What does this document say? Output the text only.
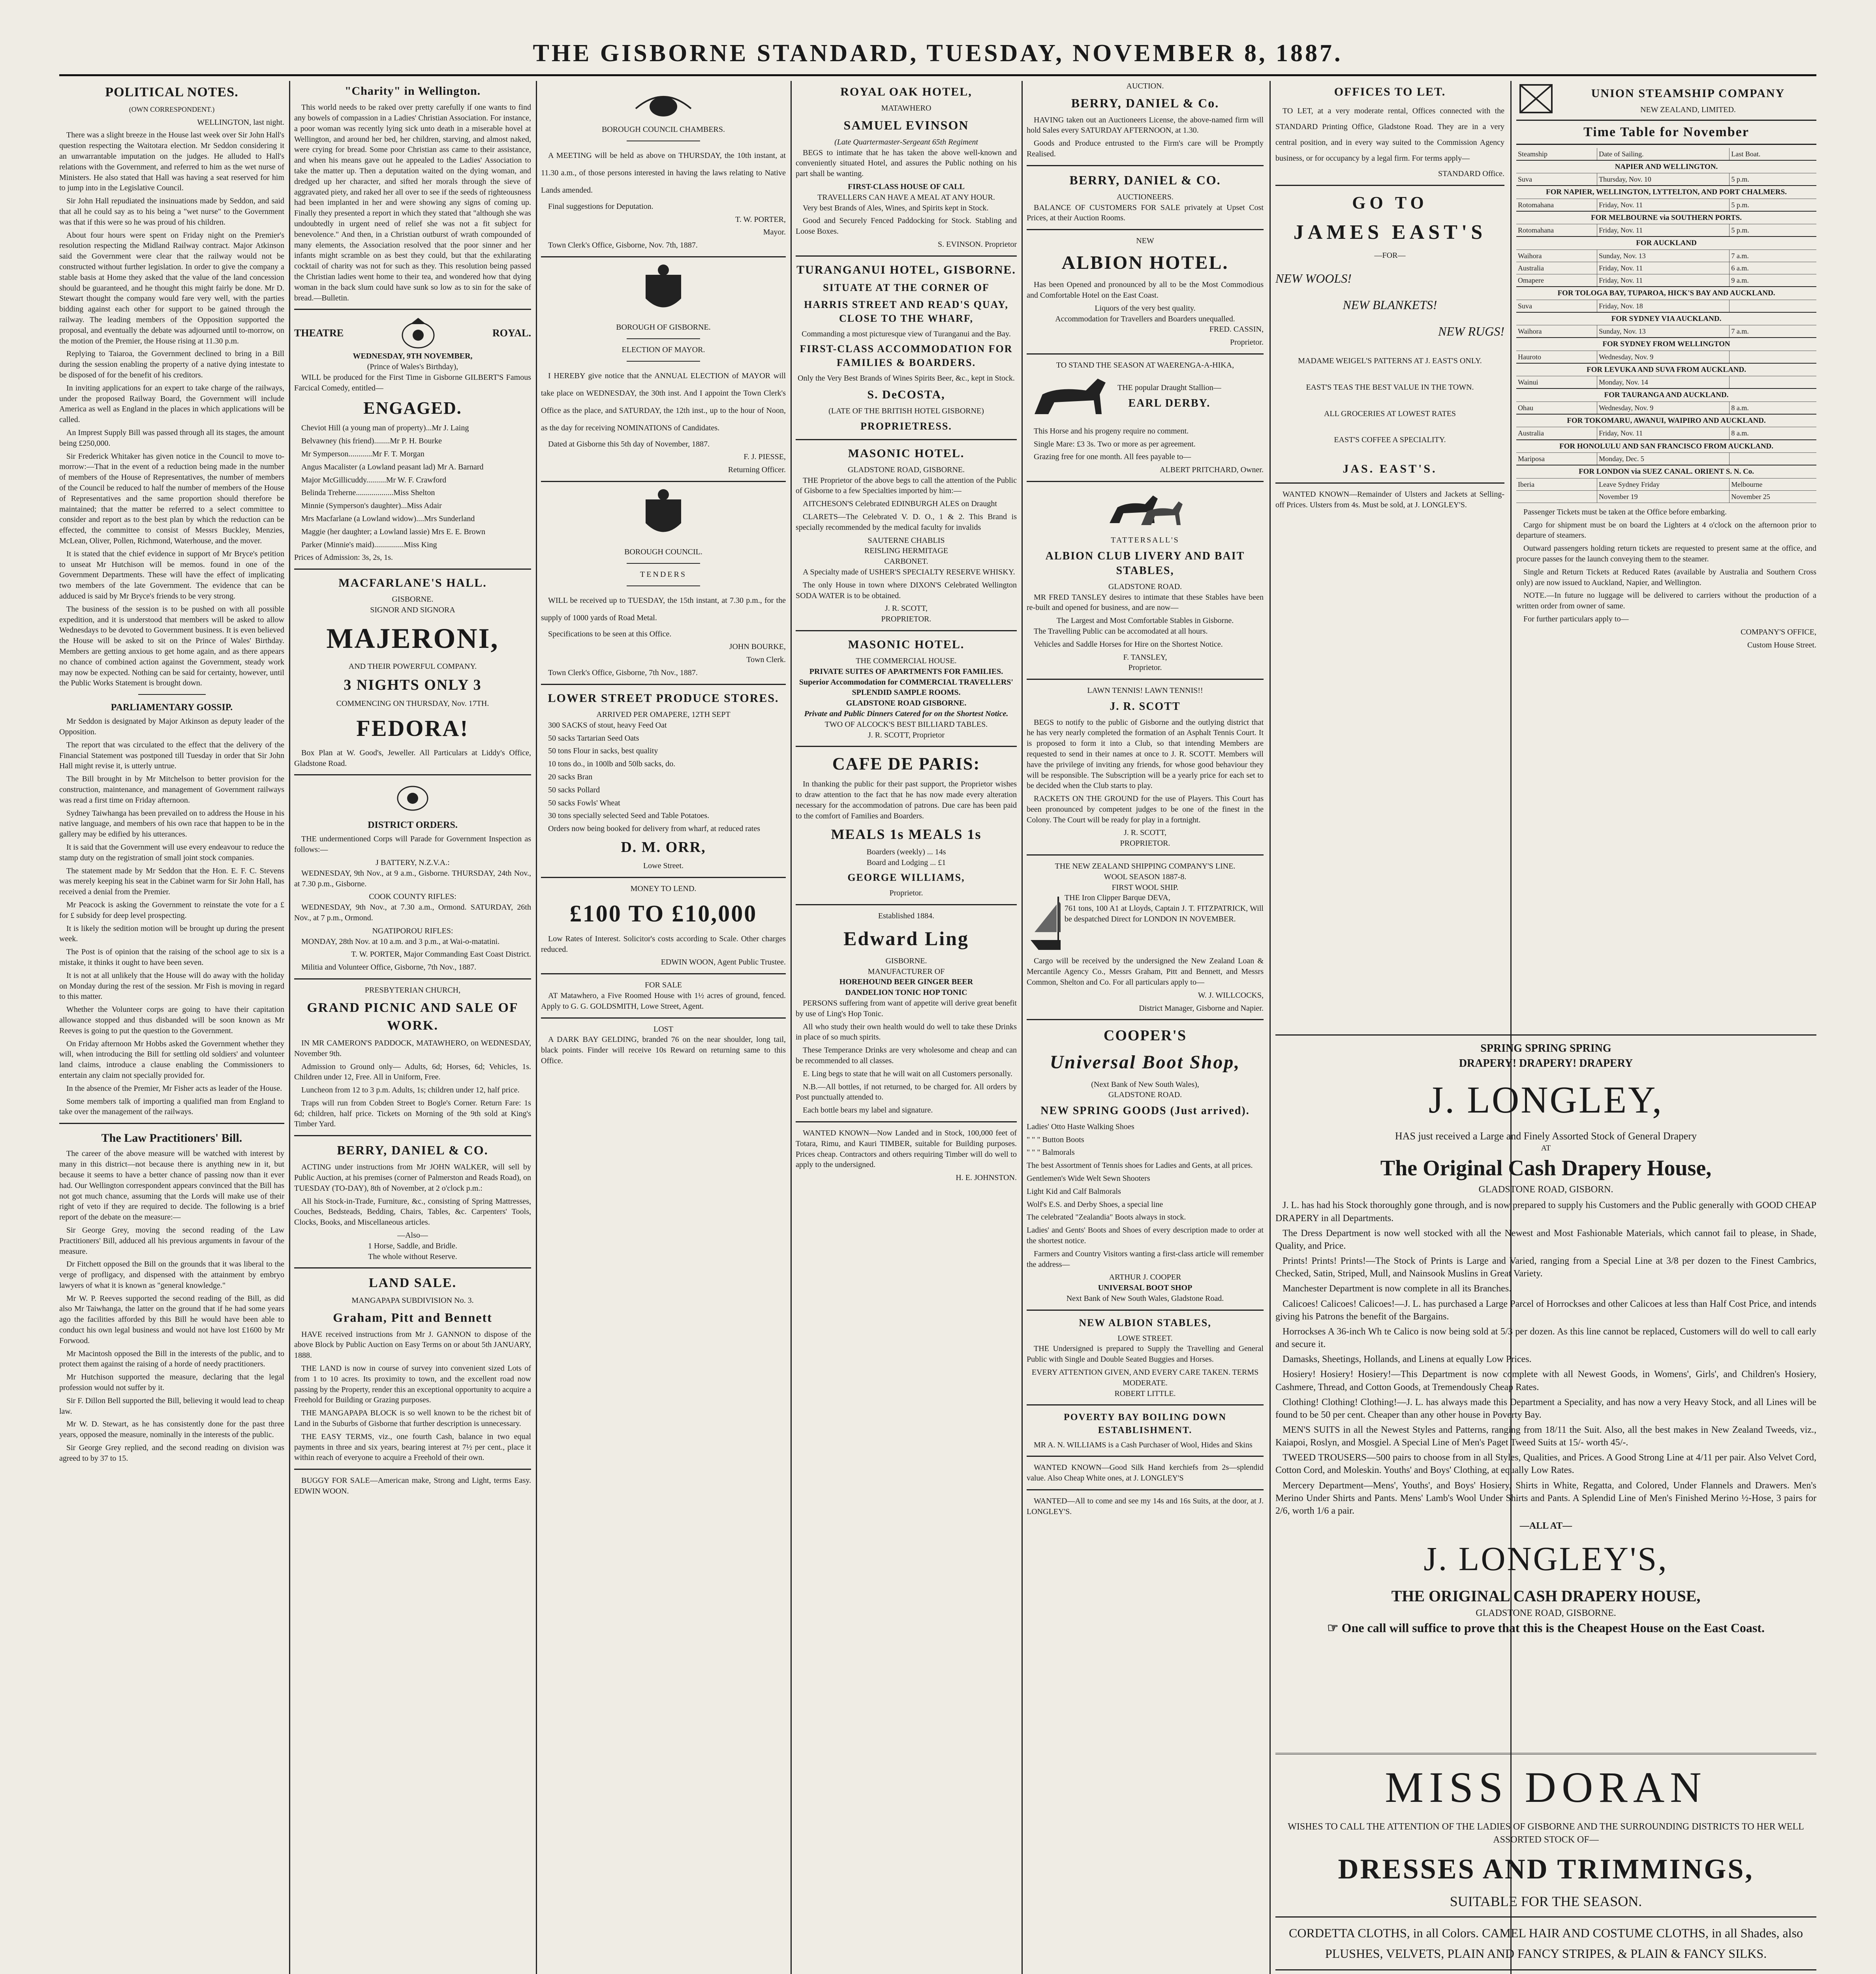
THE GISBORNE STANDARD, TUESDAY, NOVEMBER 8, 1887.
POLITICAL NOTES.
(OWN CORRESPONDENT.)

WELLINGTON, last night.

There was a slight breeze in the House last week over Sir John Hall's question respecting the Waitotara election. Mr Seddon considering it an unwarrantable imputation on the judges. He alluded to Hall's relations with the Government, and referred to him as the wet nurse of Ministers. He also stated that Hall was having a seat reserved for him to jump into in the Legislative Council.

Sir John Hall repudiated the insinuations made by Seddon, and said that all he could say as to his being a "wet nurse" to the Government was that if this were so he was proud of his children.

About four hours were spent on Friday night on the Premier's resolution respecting the Midland Railway contract. Major Atkinson said the Government were clear that the railway would not be constructed without further legislation. In order to give the company a stable basis at Home they asked that the value of the land concession should be guaranteed, and he thought this might fairly be done. Mr D. Stewart thought the company would fare very well, with the parties bidding against each other for support to be gained through the railway. The leading members of the Opposition supported the proposal, and eventually the debate was adjourned until to-morrow, on the motion of the Premier, the House rising at 11.30 p.m.

Replying to Taiaroa, the Government declined to bring in a Bill during the session enabling the property of a native dying intestate to be disposed of for the benefit of his creditors.

In inviting applications for an expert to take charge of the railways, under the proposed Railway Board, the Government will include America as well as England in the places in which applications will be called.

An Imprest Supply Bill was passed through all its stages, the amount being £250,000.

Sir Frederick Whitaker has given notice in the Council to move to-morrow:—That in the event of a reduction being made in the number of members of the House of Representatives, the number of members of the Council be reduced to half the number of members of the House of Representatives and the same proportion should therefore be maintained; that the matter be referred to a select committee to consider and report as to the best plan by which the reduction can be effected, the committee to consist of Messrs Buckley, Menzies, McLean, Oliver, Pollen, Richmond, Waterhouse, and the mover.

It is stated that the chief evidence in support of Mr Bryce's petition to unseat Mr Hutchison will be memos. found in one of the Government Departments. These will have the effect of implicating two members of the late Government. The evidence that can be adduced is said by Mr Bryce's friends to be very strong.

The business of the session is to be pushed on with all possible expedition, and it is understood that members will be asked to allow Wednesdays to be devoted to Government business. It is even believed the House will be asked to sit on the Prince of Wales' Birthday. Members are getting anxious to get home again, and as there appears no chance of combined action against the Government, steady work may now be expected. Nothing can be said for certainty, however, until the Public Works Statement is brought down.

PARLIAMENTARY GOSSIP.

Mr Seddon is designated by Major Atkinson as deputy leader of the Opposition.

The report that was circulated to the effect that the delivery of the Financial Statement was postponed till Tuesday in order that Sir John Hall might revise it, is utterly untrue.

The Bill brought in by Mr Mitchelson to better provision for the construction, maintenance, and management of Government railways was read a first time on Friday afternoon.

Sydney Taiwhanga has been prevailed on to address the House in his native language, and members of his own race that happen to be in the gallery may be edified by his utterances.

It is said that the Government will use every endeavour to reduce the stamp duty on the registration of small joint stock companies.

The statement made by Mr Seddon that the Hon. E. F. C. Stevens was merely keeping his seat in the Cabinet warm for Sir John Hall, has received a denial from the Premier.

Mr Peacock is asking the Government to reinstate the vote for a £ for £ subsidy for deep level prospecting.

It is likely the sedition motion will be brought up during the present week.

The Post is of opinion that the raising of the school age to six is a mistake, it thinks it ought to have been seven.

It is not at all unlikely that the House will do away with the holiday on Monday during the rest of the session. Mr Fish is moving in regard to this matter.

Whether the Volunteer corps are going to have their capitation allowance stopped and thus disbanded will be soon known as Mr Reeves is going to put the question to the Government.

On Friday afternoon Mr Hobbs asked the Government whether they will, when introducing the Bill for settling old soldiers' and volunteer land claims, introduce a clause enabling the Commissioners to entertain any claim not specially provided for.

In the absence of the Premier, Mr Fisher acts as leader of the House.

Some members talk of importing a qualified man from England to take over the management of the railways.

The Law Practitioners' Bill.

The career of the above measure will be watched with interest by many in this district—not because there is anything new in it, but because it seems to have a better chance of passing now than it ever had. Our Wellington correspondent appears convinced that the Bill has not got much chance, assuming that the Lords will make use of their right of veto if they are required to decide. The following is a brief report of the debate on the measure:—

Sir George Grey, moving the second reading of the Law Practitioners' Bill, adduced all his previous arguments in favour of the measure.

Dr Fitchett opposed the Bill on the grounds that it was liberal to the verge of profligacy, and dispensed with the attainment by embryo lawyers of what it is known as "general knowledge."

Mr W. P. Reeves supported the second reading of the Bill, as did also Mr Taiwhanga, the latter on the ground that if he had some years ago the facilities afforded by this Bill he would have been able to conduct his own legal business and would not have lost £1600 by Mr Forwood.

Mr Macintosh opposed the Bill in the interests of the public, and to protect them against the raising of a horde of needy practitioners.

Mr Hutchison supported the measure, declaring that the legal profession would not suffer by it.

Sir F. Dillon Bell supported the Bill, believing it would lead to cheap law.

Mr W. D. Stewart, as he has consistently done for the past three years, opposed the measure, nominally in the interests of the public.

Sir George Grey replied, and the second reading on division was agreed to by 37 to 15.

"Charity" in Wellington.

This world needs to be raked over pretty carefully if one wants to find any bowels of compassion in a Ladies' Christian Association. For instance, a poor woman was recently lying sick unto death in a miserable hovel at Wellington, and around her bed, her children, starving, and almost naked, were crying for bread. Some poor Christian ass came to their assistance, and when his means gave out he appealed to the Ladies' Association to take the matter up. Then a deputation waited on the dying woman, and dredged up her character, and sifted her morals through the sieve of aggravated piety, and raked her all over to see if the seeds of righteousness had been implanted in her and were showing any signs of coming up. Finally they presented a report in which they stated that "although she was undoubtedly in urgent need of relief she was not a fit subject for benevolence." And then, in a Christian outburst of wrath compounded of many elements, the Association resolved that the poor sinner and her infants might scramble on as best they could, but that the exhilarating cocktail of charity was not for such as they. This resolution being passed the Christian ladies went home to their tea, and wondered how that dying woman in the back slum could have sunk so low as to sin for the sake of bread.—Bulletin.

THEATRE	ROYAL.
WEDNESDAY, 9TH NOVEMBER,
(Prince of Wales's Birthday),

WILL be produced for the First Time in Gisborne GILBERT'S Famous Farcical Comedy, entitled—

ENGAGED.

Cheviot Hill (a young man of property)...Mr J. Laing

Belvawney (his friend)........Mr P. H. Bourke

Mr Symperson............Mr F. T. Morgan

Angus Macalister (a Lowland peasant lad) Mr A. Barnard

Major McGillicuddy..........Mr W. F. Crawford

Belinda Treherne...................Miss Shelton

Minnie (Symperson's daughter)...Miss Adair

Mrs Macfarlane (a Lowland widow)....Mrs Sunderland

Maggie (her daughter; a Lowland lassie) Mrs E. E. Brown

Parker (Minnie's maid)...............Miss King

Prices of Admission: 3s, 2s, 1s.

MACFARLANE'S HALL.
GISBORNE.
SIGNOR AND SIGNORA
MAJERONI,
AND THEIR POWERFUL COMPANY.
3 NIGHTS ONLY 3
COMMENCING ON THURSDAY, Nov. 17TH.
FEDORA!

Box Plan at W. Good's, Jeweller. All Particulars at Liddy's Office, Gladstone Road.

DISTRICT ORDERS.

THE undermentioned Corps will Parade for Government Inspection as follows:—

J BATTERY, N.Z.V.A.:

WEDNESDAY, 9th Nov., at 9 a.m., Gisborne. THURSDAY, 24th Nov., at 7.30 p.m., Gisborne.

COOK COUNTY RIFLES:

WEDNESDAY, 9th Nov., at 7.30 a.m., Ormond. SATURDAY, 26th Nov., at 7 p.m., Ormond.

NGATIPOROU RIFLES:

MONDAY, 28th Nov. at 10 a.m. and 3 p.m., at Wai-o-matatini.

T. W. PORTER, Major Commanding East Coast District.

Militia and Volunteer Office, Gisborne, 7th Nov., 1887.

PRESBYTERIAN CHURCH,
GRAND PICNIC AND SALE OF WORK.

IN MR CAMERON'S PADDOCK, MATAWHERO, on WEDNESDAY, November 9th.

Admission to Ground only— Adults, 6d; Horses, 6d; Vehicles, 1s. Children under 12, Free. All in Uniform, Free.

Luncheon from 12 to 3 p.m. Adults, 1s; children under 12, half price.

Traps will run from Cobden Street to Bogle's Corner. Return Fare: 1s 6d; children, half price. Tickets on Morning of the 9th sold at King's Timber Yard.

BERRY, DANIEL & CO.

ACTING under instructions from Mr JOHN WALKER, will sell by Public Auction, at his premises (corner of Palmerston and Reads Road), on TUESDAY (TO-DAY), 8th of November, at 2 o'clock p.m.:

All his Stock-in-Trade, Furniture, &c., consisting of Spring Mattresses, Couches, Bedsteads, Bedding, Chairs, Tables, &c. Carpenters' Tools, Clocks, Books, and Miscellaneous articles.

—Also—
1 Horse, Saddle, and Bridle.
The whole without Reserve.
LAND SALE.
MANGAPAPA SUBDIVISION No. 3.
Graham, Pitt and Bennett

HAVE received instructions from Mr J. GANNON to dispose of the above Block by Public Auction on Easy Terms on or about 5th JANUARY, 1888.

THE LAND is now in course of survey into convenient sized Lots of from 1 to 10 acres. Its proximity to town, and the excellent road now passing by the Property, render this an exceptional opportunity to acquire a Freehold for Building or Grazing purposes.

THE MANGAPAPA BLOCK is so well known to be the richest bit of Land in the Suburbs of Gisborne that further description is unnecessary.

THE EASY TERMS, viz., one fourth Cash, balance in two equal payments in three and six years, bearing interest at 7½ per cent., place it within reach of everyone to acquire a Freehold of their own.

BUGGY FOR SALE—American make, Strong and Light, terms Easy. EDWIN WOON.

BOROUGH COUNCIL CHAMBERS.

A MEETING will be held as above on THURSDAY, the 10th instant, at 11.30 a.m., of those persons interested in having the laws relating to Native Lands amended.

Final suggestions for Deputation.

T. W. PORTER,

Mayor.

Town Clerk's Office, Gisborne, Nov. 7th, 1887.

BOROUGH OF GISBORNE.
ELECTION OF MAYOR.

I HEREBY give notice that the ANNUAL ELECTION of MAYOR will take place on WEDNESDAY, the 30th inst. And I appoint the Town Clerk's Office as the place, and SATURDAY, the 12th inst., up to the hour of Noon, as the day for receiving NOMINATIONS of Candidates.

Dated at Gisborne this 5th day of November, 1887.

F. J. PIESSE,

Returning Officer.

BOROUGH COUNCIL.
TENDERS

WILL be received up to TUESDAY, the 15th instant, at 7.30 p.m., for the supply of 1000 yards of Road Metal.

Specifications to be seen at this Office.

JOHN BOURKE,

Town Clerk.

Town Clerk's Office, Gisborne, 7th Nov., 1887.

LOWER STREET PRODUCE STORES.
ARRIVED PER OMAPERE, 12TH SEPT

300 SACKS of stout, heavy Feed Oat

50 sacks Tartarian Seed Oats

50 tons Flour in sacks, best quality

10 tons do., in 100lb and 50lb sacks, do.

20 sacks Bran

50 sacks Pollard

50 sacks Fowls' Wheat

30 tons specially selected Seed and Table Potatoes.

Orders now being booked for delivery from wharf, at reduced rates

D. M. ORR,
Lowe Street.
MONEY TO LEND.
£100 TO £10,000

Low Rates of Interest. Solicitor's costs according to Scale. Other charges reduced.

EDWIN WOON, Agent Public Trustee.

FOR SALE

AT Matawhero, a Five Roomed House with 1½ acres of ground, fenced. Apply to G. G. GOLDSMITH, Lowe Street, Agent.

LOST

A DARK BAY GELDING, branded 76 on the near shoulder, long tail, black points. Finder will receive 10s Reward on returning same to this Office.

ROYAL OAK HOTEL,
MATAWHERO
SAMUEL EVINSON
(Late Quartermaster-Sergeant 65th Regiment

BEGS to intimate that he has taken the above well-known and conveniently situated Hotel, and assures the Public nothing on his part shall be wanting.

FIRST-CLASS HOUSE OF CALL
TRAVELLERS CAN HAVE A MEAL AT ANY HOUR.

Very best Brands of Ales, Wines, and Spirits kept in Stock.

Good and Securely Fenced Paddocking for Stock. Stabling and Loose Boxes.

S. EVINSON. Proprietor

TURANGANUI HOTEL, GISBORNE.
SITUATE AT THE CORNER OF
HARRIS STREET AND READ'S QUAY, CLOSE TO THE WHARF,
Commanding a most picturesque view of Turanganui and the Bay.
FIRST-CLASS ACCOMMODATION FOR FAMILIES & BOARDERS.
Only the Very Best Brands of Wines Spirits Beer, &c., kept in Stock.
S. DeCOSTA,
(LATE OF THE BRITISH HOTEL GISBORNE)
PROPRIETRESS.
MASONIC HOTEL.
GLADSTONE ROAD, GISBORNE.

THE Proprietor of the above begs to call the attention of the Public of Gisborne to a few Specialties imported by him:—

AITCHESON'S Celebrated EDINBURGH ALES on Draught

CLARETS—The Celebrated V. D. O., 1 & 2. This Brand is specially recommended by the medical faculty for invalids

SAUTERNE CHABLIS
REISLING HERMITAGE
CARBONET.

A Specialty made of USHER'S SPECIALTY RESERVE WHISKY.

The only House in town where DIXON'S Celebrated Wellington SODA WATER is to be obtained.

J. R. SCOTT,
PROPRIETOR.
MASONIC HOTEL.
THE COMMERCIAL HOUSE.
PRIVATE SUITES OF APARTMENTS FOR FAMILIES.
Superior Accommodation for COMMERCIAL TRAVELLERS' SPLENDID SAMPLE ROOMS.
GLADSTONE ROAD GISBORNE.
Private and Public Dinners Catered for on the Shortest Notice.
TWO OF ALCOCK'S BEST BILLIARD TABLES.
J. R. SCOTT, Proprietor
CAFE DE PARIS:

In thanking the public for their past support, the Proprietor wishes to draw attention to the fact that he has now made every alteration necessary for the accommodation of patrons. Due care has been paid to the comfort of Families and Boarders.

MEALS 1s MEALS 1s
Boarders (weekly) ... 14s
Board and Lodging ... £1
GEORGE WILLIAMS,
Proprietor.
Established 1884.
Edward Ling
GISBORNE.
MANUFACTURER OF
HOREHOUND BEER GINGER BEER
DANDELION TONIC HOP TONIC

PERSONS suffering from want of appetite will derive great benefit by use of Ling's Hop Tonic.

All who study their own health would do well to take these Drinks in place of so much spirits.

These Temperance Drinks are very wholesome and cheap and can be recommended to all classes.

E. Ling begs to state that he will wait on all Customers personally.

N.B.—All bottles, if not returned, to be charged for. All orders by Post punctually attended to.

Each bottle bears my label and signature.

WANTED KNOWN—Now Landed and in Stock, 100,000 feet of Totara, Rimu, and Kauri TIMBER, suitable for Building purposes. Prices cheap. Contractors and others requiring Timber will do well to apply to the undersigned.

H. E. JOHNSTON.

AUCTION.
BERRY, DANIEL & Co.

HAVING taken out an Auctioneers License, the above-named firm will hold Sales every SATURDAY AFTERNOON, at 1.30.

Goods and Produce entrusted to the Firm's care will be Promptly Realised.

BERRY, DANIEL & CO.
AUCTIONEERS.

BALANCE OF CUSTOMERS FOR SALE privately at Upset Cost Prices, at their Auction Rooms.

NEW
ALBION HOTEL.

Has been Opened and pronounced by all to be the Most Commodious and Comfortable Hotel on the East Coast.

Liquors of the very best quality.
Accommodation for Travellers and Boarders unequalled.

FRED. CASSIN,

Proprietor.

TO STAND THE SEASON AT WAERENGA-A-HIKA,
THE popular Draught Stallion—
EARL DERBY.

This Horse and his progeny require no comment.

Single Mare: £3 3s. Two or more as per agreement.

Grazing free for one month. All fees payable to—

ALBERT PRITCHARD, Owner.

TATTERSALL'S
ALBION CLUB LIVERY AND BAIT STABLES,
GLADSTONE ROAD.

MR FRED TANSLEY desires to intimate that these Stables have been re-built and opened for business, and are now—

The Largest and Most Comfortable Stables in Gisborne.

The Travelling Public can be accomodated at all hours.

Vehicles and Saddle Horses for Hire on the Shortest Notice.

F. TANSLEY,
Proprietor.
LAWN TENNIS! LAWN TENNIS!!
J. R. SCOTT

BEGS to notify to the public of Gisborne and the outlying district that he has very nearly completed the formation of an Asphalt Tennis Court. It is proposed to form it into a Club, so that intending Members are requested to send in their names at once to J. R. SCOTT. Members will have the privilege of inviting any friends, for whose good behaviour they will be responsible. The Subscription will be a yearly price for each set to be decided when the Club starts to play.

RACKETS ON THE GROUND for the use of Players. This Court has been pronounced by competent judges to be one of the finest in the Colony. The Court will be ready for play in a fortnight.

J. R. SCOTT,
PROPRIETOR.
THE NEW ZEALAND SHIPPING COMPANY'S LINE.
WOOL SEASON 1887-8.
FIRST WOOL SHIP.
THE Iron Clipper Barque DEVA,

761 tons, 100 A1 at Lloyds, Captain J. T. FITZPATRICK, Will be despatched Direct for LONDON IN NOVEMBER.

Cargo will be received by the undersigned the New Zealand Loan & Mercantile Agency Co., Messrs Graham, Pitt and Bennett, and Messrs Common, Shelton and Co. For all particulars apply to—

W. J. WILLCOCKS,

District Manager, Gisborne and Napier.

COOPER'S
Universal Boot Shop,
(Next Bank of New South Wales),
GLADSTONE ROAD.
NEW SPRING GOODS (Just arrived).

Ladies' Otto Haste Walking Shoes

" " " Button Boots

" " " Balmorals

The best Assortment of Tennis shoes for Ladies and Gents, at all prices.

Gentlemen's Wide Welt Sewn Shooters

Light Kid and Calf Balmorals

Wolf's E.S. and Derby Shoes, a special line

The celebrated "Zealandia" Boots always in stock.

Ladies' and Gents' Boots and Shoes of every description made to order at the shortest notice.

Farmers and Country Visitors wanting a first-class article will remember the address—

ARTHUR J. COOPER
UNIVERSAL BOOT SHOP
Next Bank of New South Wales, Gladstone Road.
NEW ALBION STABLES,
LOWE STREET.

THE Undersigned is prepared to Supply the Travelling and General Public with Single and Double Seated Buggies and Horses.

EVERY ATTENTION GIVEN, AND EVERY CARE TAKEN. TERMS MODERATE.
ROBERT LITTLE.
POVERTY BAY BOILING DOWN ESTABLISHMENT.

MR A. N. WILLIAMS is a Cash Purchaser of Wool, Hides and Skins

WANTED KNOWN—Good Silk Hand kerchiefs from 2s—splendid value. Also Cheap White ones, at J. LONGLEY'S

WANTED—All to come and see my 14s and 16s Suits, at the door, at J. LONGLEY'S.

OFFICES TO LET.

TO LET, at a very moderate rental, Offices connected with the STANDARD Printing Office, Gladstone Road. They are in a very central position, and in every way suited to the Commission Agency business, or for occupancy by a legal firm. For terms apply—

STANDARD Office.

GO TO
JAMES EAST'S
—FOR—
NEW WOOLS!
NEW BLANKETS!
NEW RUGS!
MADAME WEIGEL'S PATTERNS AT J. EAST'S ONLY.
EAST'S TEAS THE BEST VALUE IN THE TOWN.
ALL GROCERIES AT LOWEST RATES
EAST'S COFFEE A SPECIALITY.
JAS. EAST'S.

WANTED KNOWN—Remainder of Ulsters and Jackets at Selling-off Prices. Ulsters from 4s. Must be sold, at J. LONGLEY'S.

UNION STEAMSHIP COMPANY
NEW ZEALAND, LIMITED.
Time Table for November
Steamship	Date of Sailing.	Last Boat.
NAPIER AND WELLINGTON.		
Suva	Thursday, Nov. 10	5 p.m.
FOR NAPIER, WELLINGTON, LYTTELTON, AND PORT CHALMERS.		
Rotomahana	Friday, Nov. 11	5 p.m.
FOR MELBOURNE via SOUTHERN PORTS.		
Rotomahana	Friday, Nov. 11	5 p.m.
FOR AUCKLAND		
Waihora	Sunday, Nov. 13	7 a.m.
Australia	Friday, Nov. 11	6 a.m.
Omapere	Friday, Nov. 11	9 a.m.
FOR TOLOGA BAY, TUPAROA, HICK'S BAY AND AUCKLAND.		
Suva	Friday, Nov. 18	
FOR SYDNEY VIA AUCKLAND.		
Waihora	Sunday, Nov. 13	7 a.m.
FOR SYDNEY FROM WELLINGTON		
Hauroto	Wednesday, Nov. 9	
FOR LEVUKA AND SUVA FROM AUCKLAND.		
Wainui	Monday, Nov. 14	
FOR TAURANGA AND AUCKLAND.		
Ohau	Wednesday, Nov. 9	8 a.m.
FOR TOKOMARU, AWANUI, WAIPIRO AND AUCKLAND.		
Australia	Friday, Nov. 11	8 a.m.
FOR HONOLULU AND SAN FRANCISCO FROM AUCKLAND.		
Mariposa	Monday, Dec. 5	
FOR LONDON via SUEZ CANAL. ORIENT S. N. Co.		
Iberia	Leave Sydney Friday	Melbourne
	November 19	November 25

Passenger Tickets must be taken at the Office before embarking.

Cargo for shipment must be on board the Lighters at 4 o'clock on the afternoon prior to departure of steamers.

Outward passengers holding return tickets are requested to present same at the office, and procure passes for the launch conveying them to the steamer.

Single and Return Tickets at Reduced Rates (available by Australia and Southern Cross only) are now issued to Auckland, Napier, and Wellington.

NOTE.—In future no luggage will be delivered to carriers without the production of a written order from owner of same.

For further particulars apply to—

COMPANY'S OFFICE,

Custom House Street.

SPRING SPRING SPRING
DRAPERY! DRAPERY! DRAPERY
J. LONGLEY,
HAS just received a Large and Finely Assorted Stock of General Drapery
AT
The Original Cash Drapery House,
GLADSTONE ROAD, GISBORN.

J. L. has had his Stock thoroughly gone through, and is now prepared to supply his Customers and the Public generally with GOOD CHEAP DRAPERY in all Departments.

The Dress Department is now well stocked with all the Newest and Most Fashionable Materials, which cannot fail to please, in Shade, Quality, and Price.

Prints! Prints! Prints!—The Stock of Prints is Large and Varied, ranging from a Special Line at 3/8 per dozen to the Finest Cambrics, Checked, Satin, Striped, Mull, and Nainsook Muslins in Great Variety.

Manchester Department is now complete in all its Branches.

Calicoes! Calicoes! Calicoes!—J. L. has purchased a Large Parcel of Horrockses and other Calicoes at less than Half Cost Price, and intends giving his Patrons the benefit of the Bargains.

Horrockses A 36-inch Wh te Calico is now being sold at 5/3 per dozen. As this line cannot be replaced, Customers will do well to call early and secure it.

Damasks, Sheetings, Hollands, and Linens at equally Low Prices.

Hosiery! Hosiery! Hosiery!—This Department is now complete with all Newest Goods, in Womens', Girls', and Children's Hosiery, Cashmere, Thread, and Cotton Goods, at Tremendously Cheap Rates.

Clothing! Clothing! Clothing!—J. L. has always made this Department a Speciality, and has now a very Heavy Stock, and all Lines will be found to be 50 per cent. Cheaper than any other house in Poverty Bay.

MEN'S SUITS in all the Newest Styles and Patterns, ranging from 18/11 the Suit. Also, all the best makes in New Zealand Tweeds, viz., Kaiapoi, Roslyn, and Mosgiel. A Special Line of Men's Paget Tweed Suits at 15/- worth 45/-.

TWEED TROUSERS—500 pairs to choose from in all Styles, Qualities, and Prices. A Good Strong Line at 4/11 per pair. Also Velvet Cord, Cotton Cord, and Moleskin. Youths' and Boys' Clothing, at equally Low Rates.

Mercery Department—Mens', Youths', and Boys' Hosiery, Shirts in White, Regatta, and Colored, Under Flannels and Drawers. Men's Merino Under Shirts and Pants. Mens' Lamb's Wool Under Shirts and Pants. A Splendid Line of Men's Finished Merino ½-Hose, 3 pairs for 2/6, worth 1/6 a pair.

—ALL AT—
J. LONGLEY'S,
THE ORIGINAL CASH DRAPERY HOUSE,
GLADSTONE ROAD, GISBORNE.
☞ One call will suffice to prove that this is the Cheapest House on the East Coast.
MISS DORAN
WISHES TO CALL THE ATTENTION OF THE LADIES OF GISBORNE AND THE SURROUNDING DISTRICTS TO HER WELL ASSORTED STOCK OF—
DRESSES AND TRIMMINGS,
SUITABLE FOR THE SEASON.
CORDETTA CLOTHS, in all Colors. CAMEL HAIR AND COSTUME CLOTHS, in all Shades, also PLUSHES, VELVETS, PLAIN AND FANCY STRIPES, & PLAIN & FANCY SILKS.
